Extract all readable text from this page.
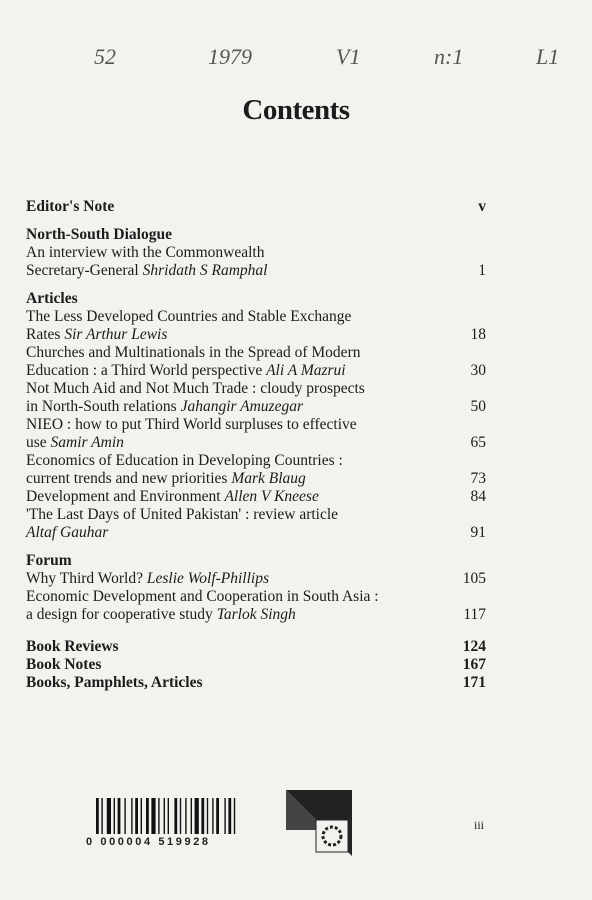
52	1979	V1	n:1	L1
Contents
Editor's Note	v
North-South Dialogue
An interview with the Commonwealth
Secretary-General Shridath S Ramphal	1
Articles
The Less Developed Countries and Stable Exchange
Rates Sir Arthur Lewis	18
Churches and Multinationals in the Spread of Modern
Education : a Third World perspective Ali A Mazrui	30
Not Much Aid and Not Much Trade : cloudy prospects
in North-South relations Jahangir Amuzegar	50
NIEO : how to put Third World surpluses to effective
use Samir Amin	65
Economics of Education in Developing Countries :
current trends and new priorities Mark Blaug	73
Development and Environment Allen V Kneese	84
'The Last Days of United Pakistan' : review article
Altaf Gauhar	91
Forum
Why Third World? Leslie Wolf-Phillips	105
Economic Development and Cooperation in South Asia :
a design for cooperative study Tarlok Singh	117
Book Reviews	124
Book Notes	167
Books, Pamphlets, Articles	171
0 000004 519928
iii
